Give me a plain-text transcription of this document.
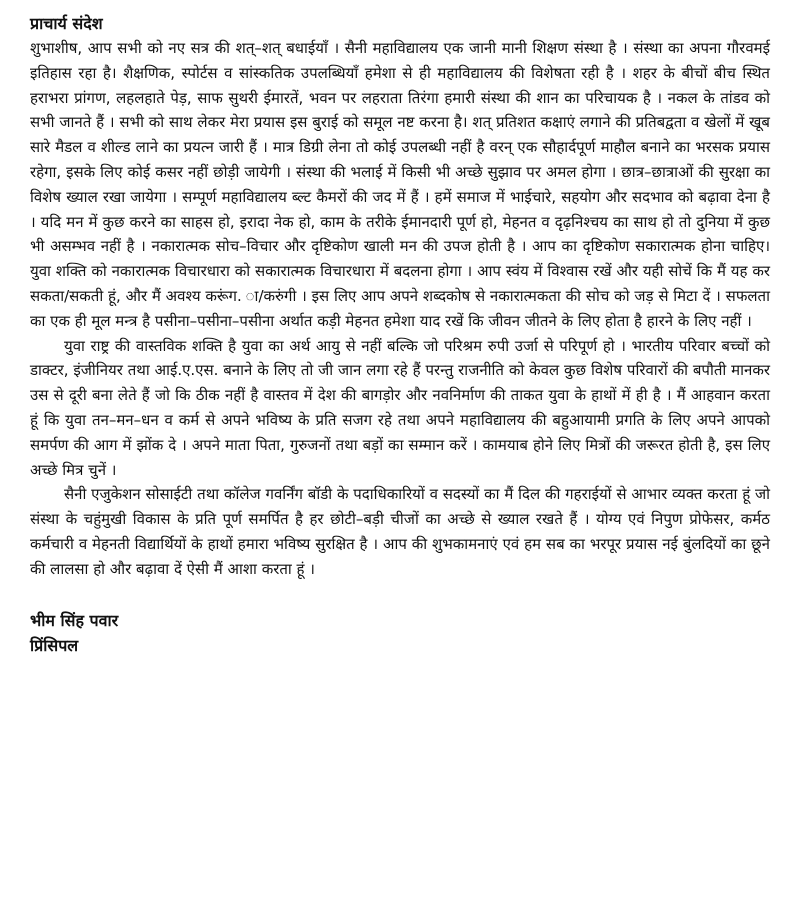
प्राचार्य संदेश

शुभाशीष, आप सभी को नए सत्र की शत्–शत् बधाईयाँ । सैनी महाविद्यालय एक जानी मानी शिक्षण संस्था है । संस्था का अपना गौरवमई इतिहास रहा है। शैक्षणिक, स्पोर्टस व सांस्कतिक उपलब्धियाँ हमेशा से ही महाविद्यालय की विशेषता रही है । शहर के बीचों बीच स्थित हराभरा प्रांगण, लहलहाते पेड़, साफ सुथरी ईमारतें, भवन पर लहराता तिरंगा हमारी संस्था की शान का परिचायक है । नकल के तांडव को सभी जानते हैं । सभी को साथ लेकर मेरा प्रयास इस बुराई को समूल नष्ट करना है। शत् प्रतिशत कक्षाएं लगाने की प्रतिबद्वता व खेलों में खूब सारे मैडल व शील्ड लाने का प्रयत्न जारी हैं । मात्र डिग्री लेना तो कोई उपलब्धी नहीं है वरन् एक सौहार्दपूर्ण माहौल बनाने का भरसक प्रयास रहेगा, इसके लिए कोई कसर नहीं छोड़ी जायेगी । संस्था की भलाई में किसी भी अच्छे सुझाव पर अमल होगा । छात्र–छात्राओं की सुरक्षा का विशेष ख्याल रखा जायेगा । सम्पूर्ण महाविद्यालय ब्ल्ट कैमरों की जद में हैं । हमें समाज में भाईचारे, सहयोग और सदभाव को बढ़ावा देना है । यदि मन में कुछ करने का साहस हो, इरादा नेक हो, काम के तरीके ईमानदारी पूर्ण हो, मेहनत व दृढ़निश्चय का साथ हो तो दुनिया में कुछ भी असम्भव नहीं है । नकारात्मक सोच–विचार और दृष्टिकोण खाली मन की उपज होती है । आप का दृष्टिकोण सकारात्मक होना चाहिए। युवा शक्ति को नकारात्मक विचारधारा को सकारात्मक विचारधारा में बदलना होगा । आप स्वंय में विश्वास रखें और यही सोचें कि मैं यह कर सकता/सकती हूं, और मैं अवश्य करूंग. ा/करुंगी । इस लिए आप अपने शब्दकोष से नकारात्मकता की सोच को जड़ से मिटा दें । सफलता का एक ही मूल मन्त्र है पसीना–पसीना–पसीना अर्थात कड़ी मेहनत हमेशा याद रखें कि जीवन जीतने के लिए होता है हारने के लिए नहीं ।

युवा राष्ट्र की वास्तविक शक्ति है युवा का अर्थ आयु से नहीं बल्कि जो परिश्रम रुपी उर्जा से परिपूर्ण हो । भारतीय परिवार बच्चों को डाक्टर, इंजीनियर तथा आई.ए.एस. बनाने के लिए तो जी जान लगा रहे हैं परन्तु राजनीति को केवल कुछ विशेष परिवारों की बपौती मानकर उस से दूरी बना लेते हैं जो कि ठीक नहीं है वास्तव में देश की बागड़ोर और नवनिर्माण की ताकत युवा के हाथों में ही है । मैं आहवान करता हूं कि युवा तन–मन–धन व कर्म से अपने भविष्य के प्रति सजग रहे तथा अपने महाविद्यालय की बहुआयामी प्रगति के लिए अपने आपको समर्पण की आग में झोंक दे । अपने माता पिता, गुरुजनों तथा बड़ों का सम्मान करें । कामयाब होने लिए मित्रों की जरूरत होती है, इस लिए अच्छे मित्र चुनें ।

सैनी एजुकेशन सोसाईटी तथा कॉलेज गवर्निंग बॉडी के पदाधिकारियों व सदस्यों का मैं दिल की गहराईयों से आभार व्यक्त करता हूं जो संस्था के चहुंमुखी विकास के प्रति पूर्ण समर्पित है हर छोटी–बड़ी चीजों का अच्छे से ख्याल रखते हैं । योग्य एवं निपुण प्रोफेसर, कर्मठ कर्मचारी व मेहनती विद्यार्थियों के हाथों हमारा भविष्य सुरक्षित है । आप की शुभकामनाएं एवं हम सब का भरपूर प्रयास नई बुंलदियों का छूने की लालसा हो और बढ़ावा दें ऐसी मैं आशा करता हूं ।

भीम सिंह पवार

प्रिंसिपल
